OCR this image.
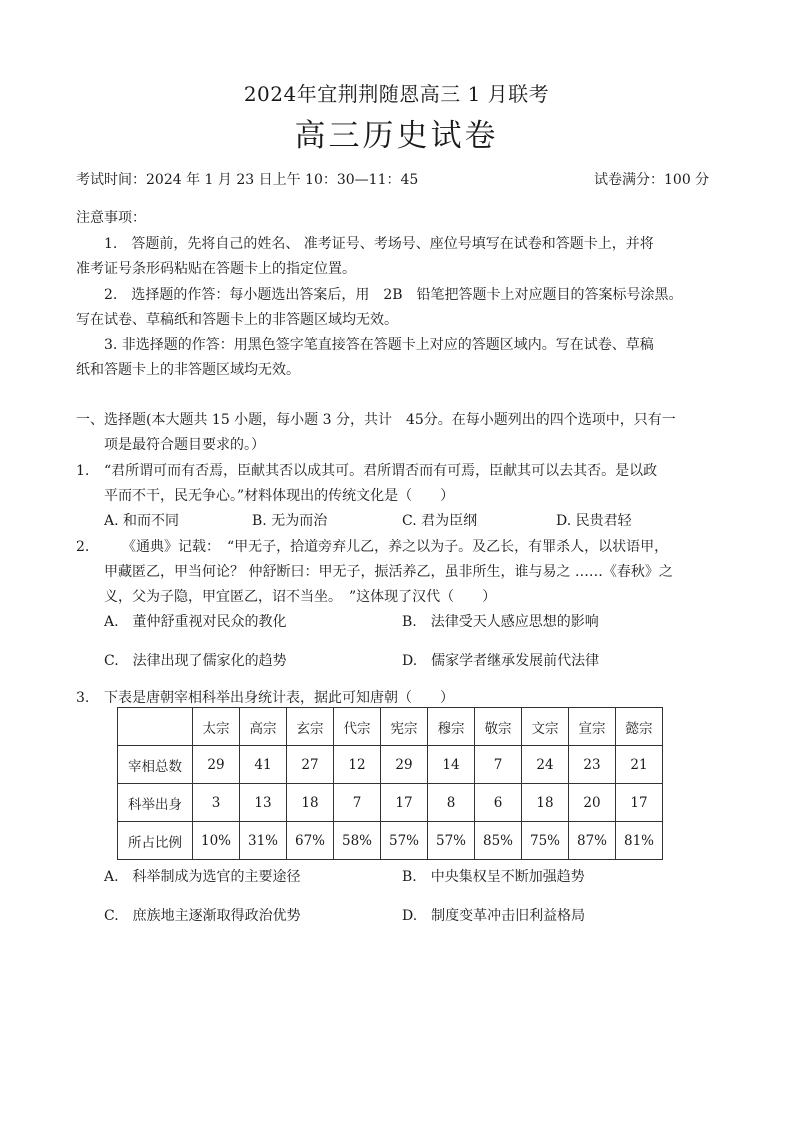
2024年宜荆荆随恩高三 1 月联考
高三历史试卷
考试时间：2024 年 1 月 23 日上午 10：30—11：45	试卷满分：100 分
注意事项：
1.　答题前，先将自己的姓名、 准考证号、考场号、座位号填写在试卷和答题卡上，并将
准考证号条形码粘贴在答题卡上的指定位置。
2.　选择题的作答：每小题选出答案后，用　2B　铅笔把答题卡上对应题目的答案标号涂黑。
写在试卷、草稿纸和答题卡上的非答题区域均无效。
3. 非选择题的作答：用黑色签字笔直接答在答题卡上对应的答题区域内。写在试卷、草稿
纸和答题卡上的非答题区域均无效。
一、选择题(本大题共 15 小题，每小题 3 分，共计　45分。在每小题列出的四个选项中，只有一
项是最符合题目要求的。）
1. “君所谓可而有否焉，臣献其否以成其可。君所谓否而有可焉，臣献其可以去其否。是以政
平而不干，民无争心。”材料体现出的传统文化是（　　）
A. 和而不同	B. 无为而治	C. 君为臣纲	D. 民贵君轻
2. 《通典》记载：　“甲无子，拾道旁弃儿乙，养之以为子。及乙长，有罪杀人，以状语甲，
甲藏匿乙，甲当何论？ 仲舒断曰：甲无子，振活养乙，虽非所生，谁与易之 ……《春秋》之
义，父为子隐，甲宜匿乙，诏不当坐。　”这体现了汉代（　　）
A.　董仲舒重视对民众的教化	B.　法律受天人感应思想的影响
C.　法律出现了儒家化的趋势	D.　儒家学者继承发展前代法律
3. 下表是唐朝宰相科举出身统计表，据此可知唐朝（　　）
	太宗	高宗	玄宗	代宗	宪宗	穆宗	敬宗	文宗	宣宗	懿宗
宰相总数	29	41	27	12	29	14	7	24	23	21
科举出身	3	13	18	7	17	8	6	18	20	17
所占比例	10%	31%	67%	58%	57%	57%	85%	75%	87%	81%
A.　科举制成为选官的主要途径	B.　中央集权呈不断加强趋势
C.　庶族地主逐渐取得政治优势	D.　制度变革冲击旧利益格局
